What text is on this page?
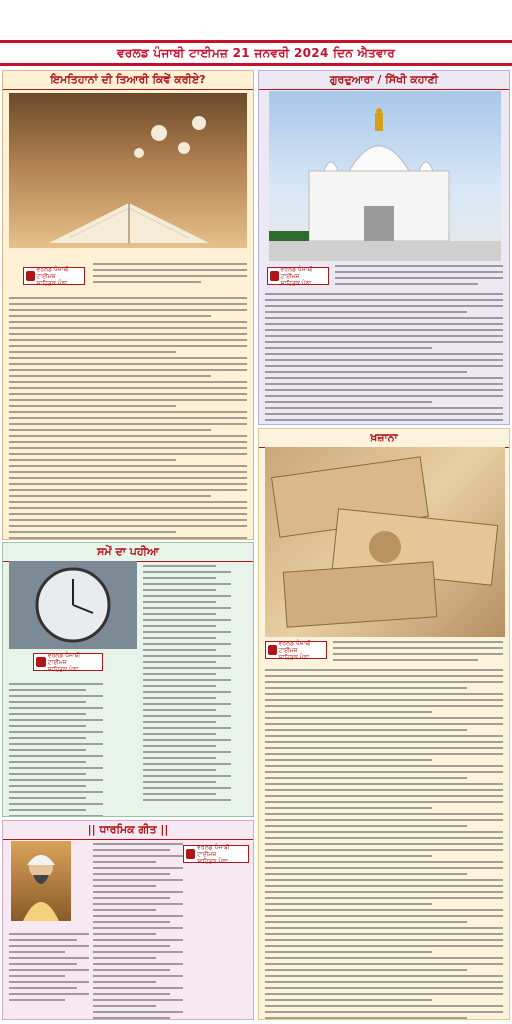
ਵਰਲਡ ਪੰਜਾਬੀ ਟਾਈਮਜ਼ 21 ਜਨਵਰੀ 2024 ਦਿਨ ਐਤਵਾਰ
ਇਮਤਿਹਾਨਾਂ ਦੀ ਤਿਆਰੀ ਕਿਵੇਂ ਕਰੀਏ?
ਵਰਲਡ ਪੰਜਾਬੀ ਟਾਈਮਜ਼
ਸਾਹਿਤਕ ਪੰਨਾ
ਸਮੇਂ ਦਾ ਪਹੀਆ
ਵਰਲਡ ਪੰਜਾਬੀ ਟਾਈਮਜ਼
ਸਾਹਿਤਕ ਪੰਨਾ
|| ਧਾਰਮਿਕ ਗੀਤ ||
ਵਰਲਡ ਪੰਜਾਬੀ ਟਾਈਮਜ਼
ਸਾਹਿਤਕ ਪੰਨਾ
ਗੁਰਦੁਆਰਾ / ਸਿੱਖੀ ਕਹਾਣੀ
ਵਰਲਡ ਪੰਜਾਬੀ ਟਾਈਮਜ਼
ਸਾਹਿਤਕ ਪੰਨਾ
ਖ਼ਜ਼ਾਨਾ
ਵਰਲਡ ਪੰਜਾਬੀ ਟਾਈਮਜ਼
ਸਾਹਿਤਕ ਪੰਨਾ
